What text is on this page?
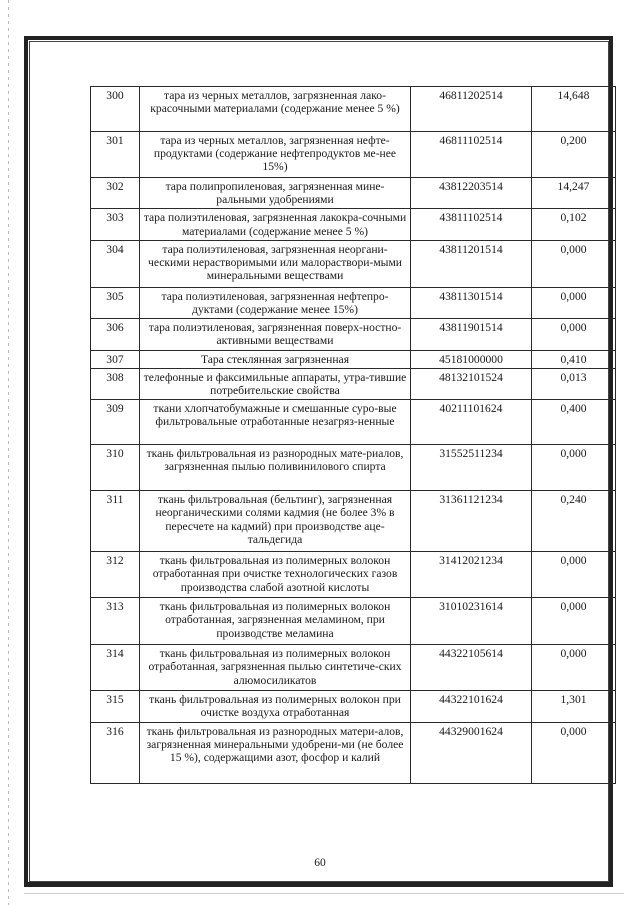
300	тара из черных металлов, загрязненная лако-красочными материалами (содержание менее 5 %)	46811202514	14,648
301	тара из черных металлов, загрязненная нефте-продуктами (содержание нефтепродуктов ме-нее 15%)	46811102514	0,200
302	тара полипропиленовая, загрязненная мине-ральными удобрениями	43812203514	14,247
303	тара полиэтиленовая, загрязненная лакокра-сочными материалами (содержание менее 5 %)	43811102514	0,102
304	тара полиэтиленовая, загрязненная неоргани-ческими нерастворимыми или малораствори-мыми минеральными веществами	43811201514	0,000
305	тара полиэтиленовая, загрязненная нефтепро-дуктами (содержание менее 15%)	43811301514	0,000
306	тара полиэтиленовая, загрязненная поверх-ностно-активными веществами	43811901514	0,000
307	Тара стеклянная загрязненная	45181000000	0,410
308	телефонные и факсимильные аппараты, утра-тившие потребительские свойства	48132101524	0,013
309	ткани хлопчатобумажные и смешанные суро-вые фильтровальные отработанные незагряз-ненные	40211101624	0,400
310	ткань фильтровальная из разнородных мате-риалов, загрязненная пылью поливинилового спирта	31552511234	0,000
311	ткань фильтровальная (бельтинг), загрязненная неорганическими солями кадмия (не более 3% в пересчете на кадмий) при производстве аце-тальдегида	31361121234	0,240
312	ткань фильтровальная из полимерных волокон отработанная при очистке технологических газов производства слабой азотной кислоты	31412021234	0,000
313	ткань фильтровальная из полимерных волокон отработанная, загрязненная меламином, при производстве меламина	31010231614	0,000
314	ткань фильтровальная из полимерных волокон отработанная, загрязненная пылью синтетиче-ских алюмосиликатов	44322105614	0,000
315	ткань фильтровальная из полимерных волокон при очистке воздуха отработанная	44322101624	1,301
316	ткань фильтровальная из разнородных матери-алов, загрязненная минеральными удобрени-ми (не более 15 %), содержащими азот, фосфор и калий	44329001624	0,000
60
